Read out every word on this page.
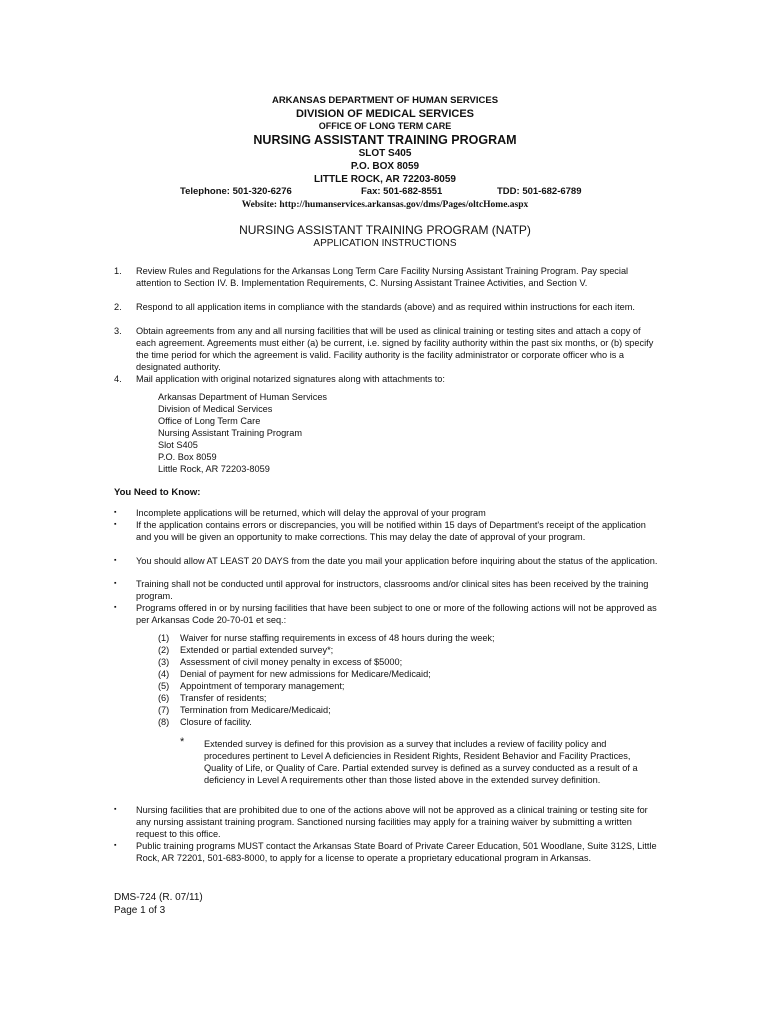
ARKANSAS DEPARTMENT OF HUMAN SERVICES
DIVISION OF MEDICAL SERVICES
OFFICE OF LONG TERM CARE
NURSING ASSISTANT TRAINING PROGRAM
SLOT S405
P.O. BOX 8059
LITTLE ROCK, AR 72203-8059
Telephone: 501-320-6276	Fax: 501-682-8551	TDD: 501-682-6789
Website: http://humanservices.arkansas.gov/dms/Pages/oltcHome.aspx
NURSING ASSISTANT TRAINING PROGRAM (NATP)
APPLICATION INSTRUCTIONS
1. Review Rules and Regulations for the Arkansas Long Term Care Facility Nursing Assistant Training Program. Pay special attention to Section IV. B. Implementation Requirements, C. Nursing Assistant Trainee Activities, and Section V.
2. Respond to all application items in compliance with the standards (above) and as required within instructions for each item.
3. Obtain agreements from any and all nursing facilities that will be used as clinical training or testing sites and attach a copy of each agreement. Agreements must either (a) be current, i.e. signed by facility authority within the past six months, or (b) specify the time period for which the agreement is valid. Facility authority is the facility administrator or corporate officer who is a designated authority.
4. Mail application with original notarized signatures along with attachments to:
Arkansas Department of Human Services
Division of Medical Services
Office of Long Term Care
Nursing Assistant Training Program
Slot S405
P.O. Box 8059
Little Rock, AR 72203-8059
You Need to Know:
▪ Incomplete applications will be returned, which will delay the approval of your program
▪ If the application contains errors or discrepancies, you will be notified within 15 days of Department's receipt of the application and you will be given an opportunity to make corrections. This may delay the date of approval of your program.
▪ You should allow AT LEAST 20 DAYS from the date you mail your application before inquiring about the status of the application.
▪ Training shall not be conducted until approval for instructors, classrooms and/or clinical sites has been received by the training program.
▪ Programs offered in or by nursing facilities that have been subject to one or more of the following actions will not be approved as per Arkansas Code 20-70-01 et seq.:
(1) Waiver for nurse staffing requirements in excess of 48 hours during the week;
(2) Extended or partial extended survey*;
(3) Assessment of civil money penalty in excess of $5000;
(4) Denial of payment for new admissions for Medicare/Medicaid;
(5) Appointment of temporary management;
(6) Transfer of residents;
(7) Termination from Medicare/Medicaid;
(8) Closure of facility.
* Extended survey is defined for this provision as a survey that includes a review of facility policy and procedures pertinent to Level A deficiencies in Resident Rights, Resident Behavior and Facility Practices, Quality of Life, or Quality of Care. Partial extended survey is defined as a survey conducted as a result of a deficiency in Level A requirements other than those listed above in the extended survey definition.
▪ Nursing facilities that are prohibited due to one of the actions above will not be approved as a clinical training or testing site for any nursing assistant training program. Sanctioned nursing facilities may apply for a training waiver by submitting a written request to this office.
▪ Public training programs MUST contact the Arkansas State Board of Private Career Education, 501 Woodlane, Suite 312S, Little Rock, AR 72201, 501-683-8000, to apply for a license to operate a proprietary educational program in Arkansas.
DMS-724 (R. 07/11)
Page 1 of 3
